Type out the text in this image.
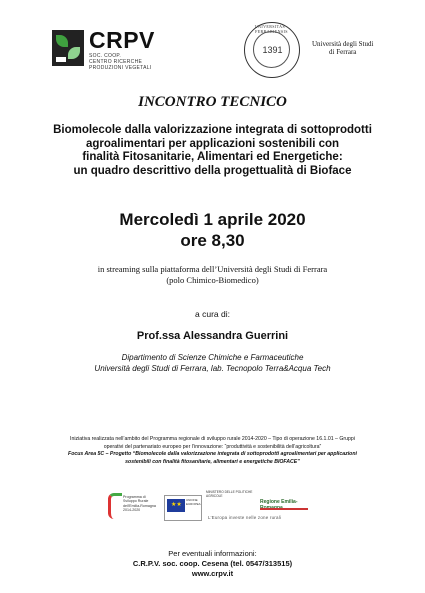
CRPV
SOC. COOP.
CENTRO RICERCHE
PRODUZIONI VEGETALI
UNIVERSITAS · FERRARIENSIS
1391
Università degli Studi
di Ferrara
INCONTRO TECNICO
Biomolecole dalla valorizzazione integrata di sottoprodotti
agroalimentari per applicazioni sostenibili con
finalità Fitosanitarie, Alimentari ed Energetiche:
un quadro descrittivo della progettualità di Bioface
Mercoledì 1 aprile 2020
ore 8,30
in streaming sulla piattaforma dell’Università degli Studi di Ferrara
(polo Chimico-Biomedico)
a cura di:
Prof.ssa Alessandra Guerrini
Dipartimento di Scienze Chimiche e Farmaceutiche
Università degli Studi di Ferrara, lab. Tecnopolo Terra&Acqua Tech
Iniziativa realizzata nell’ambito del Programma regionale di sviluppo rurale 2014-2020 – Tipo di operazione 16.1.01 – Gruppi
operativi del partenariato europeo per l’innovazione: “produttività e sostenibilità dell’agricoltura”
Focus Area 5C – Progetto “Biomolecole dalla valorizzazione integrata di sottoprodotti agroalimentari per applicazioni
sostenibili con finalità fitosanitarie, alimentari e energetiche BIOFACE”
Programma di
Sviluppo Rurale
dell'Emilia-Romagna
2014-2020
★★
UNIONE EUROPEA
MINISTERO DELLE POLITICHE AGRICOLE
Regione Emilia-
L’Europa investe nelle zone rurali
Per eventuali informazioni:
C.R.P.V. soc. coop. Cesena (tel. 0547/313515)
www.crpv.it
